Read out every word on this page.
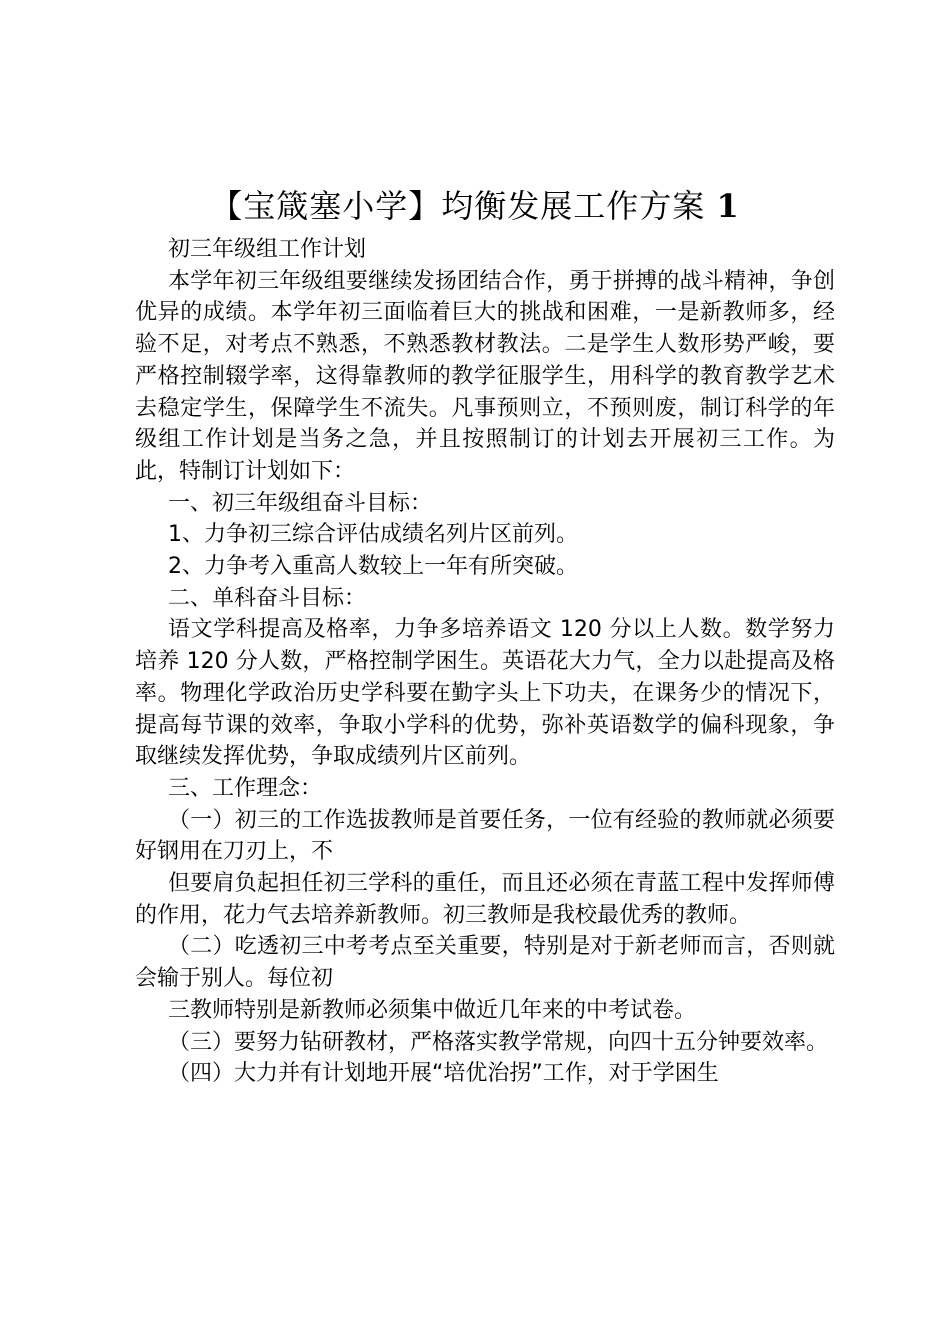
【宝箴塞小学】均衡发展工作方案 1

初三年级组工作计划

本学年初三年级组要继续发扬团结合作，勇于拼搏的战斗精神，争创优异的成绩。本学年初三面临着巨大的挑战和困难，一是新教师多，经验不足，对考点不熟悉，不熟悉教材教法。二是学生人数形势严峻，要严格控制辍学率，这得靠教师的教学征服学生，用科学的教育教学艺术去稳定学生，保障学生不流失。凡事预则立，不预则废，制订科学的年级组工作计划是当务之急，并且按照制订的计划去开展初三工作。为此，特制订计划如下：

一、初三年级组奋斗目标：

1、力争初三综合评估成绩名列片区前列。

2、力争考入重高人数较上一年有所突破。

二、单科奋斗目标：

语文学科提高及格率，力争多培养语文 120 分以上人数。数学努力培养 120 分人数，严格控制学困生。英语花大力气，全力以赴提高及格率。物理化学政治历史学科要在勤字头上下功夫，在课务少的情况下，提高每节课的效率，争取小学科的优势，弥补英语数学的偏科现象，争取继续发挥优势，争取成绩列片区前列。

三、工作理念：

（一）初三的工作选拔教师是首要任务，一位有经验的教师就必须要好钢用在刀刃上，不

但要肩负起担任初三学科的重任，而且还必须在青蓝工程中发挥师傅的作用，花力气去培养新教师。初三教师是我校最优秀的教师。

（二）吃透初三中考考点至关重要，特别是对于新老师而言，否则就会输于别人。每位初

三教师特别是新教师必须集中做近几年来的中考试卷。

（三）要努力钻研教材，严格落实教学常规，向四十五分钟要效率。

（四）大力并有计划地开展“培优治拐”工作，对于学困生
